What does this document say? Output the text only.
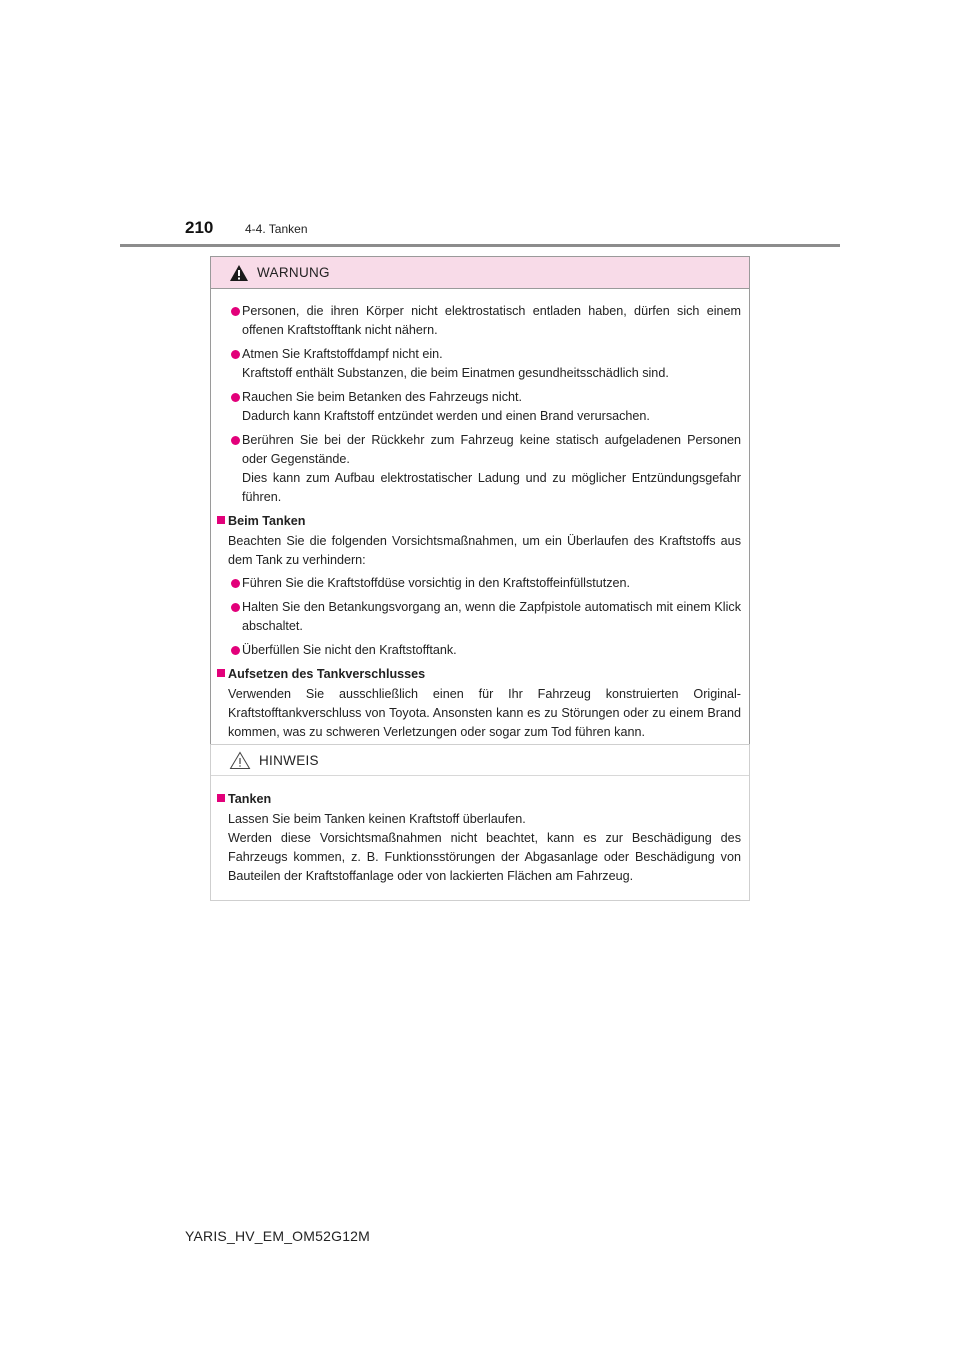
210	4-4. Tanken
WARNUNG

Personen, die ihren Körper nicht elektrostatisch entladen haben, dürfen sich einem offenen Kraftstofftank nicht nähern.

Atmen Sie Kraftstoffdampf nicht ein.

Kraftstoff enthält Substanzen, die beim Einatmen gesundheitsschädlich sind.

Rauchen Sie beim Betanken des Fahrzeugs nicht.

Dadurch kann Kraftstoff entzündet werden und einen Brand verursachen.

Berühren Sie bei der Rückkehr zum Fahrzeug keine statisch aufgeladenen Personen oder Gegenstände.

Dies kann zum Aufbau elektrostatischer Ladung und zu möglicher Entzündungsgefahr führen.

Beim Tanken

Beachten Sie die folgenden Vorsichtsmaßnahmen, um ein Überlaufen des Kraftstoffs aus dem Tank zu verhindern:

Führen Sie die Kraftstoffdüse vorsichtig in den Kraftstoffeinfüllstutzen.

Halten Sie den Betankungsvorgang an, wenn die Zapfpistole automatisch mit einem Klick abschaltet.

Überfüllen Sie nicht den Kraftstofftank.

Aufsetzen des Tankverschlusses

Verwenden Sie ausschließlich einen für Ihr Fahrzeug konstruierten Original-Kraftstofftankverschluss von Toyota. Ansonsten kann es zu Störungen oder zu einem Brand kommen, was zu schweren Verletzungen oder sogar zum Tod führen kann.

HINWEIS

Tanken

Lassen Sie beim Tanken keinen Kraftstoff überlaufen.

Werden diese Vorsichtsmaßnahmen nicht beachtet, kann es zur Beschädigung des Fahrzeugs kommen, z. B. Funktionsstörungen der Abgasanlage oder Beschädigung von Bauteilen der Kraftstoffanlage oder von lackierten Flächen am Fahrzeug.

YARIS_HV_EM_OM52G12M
